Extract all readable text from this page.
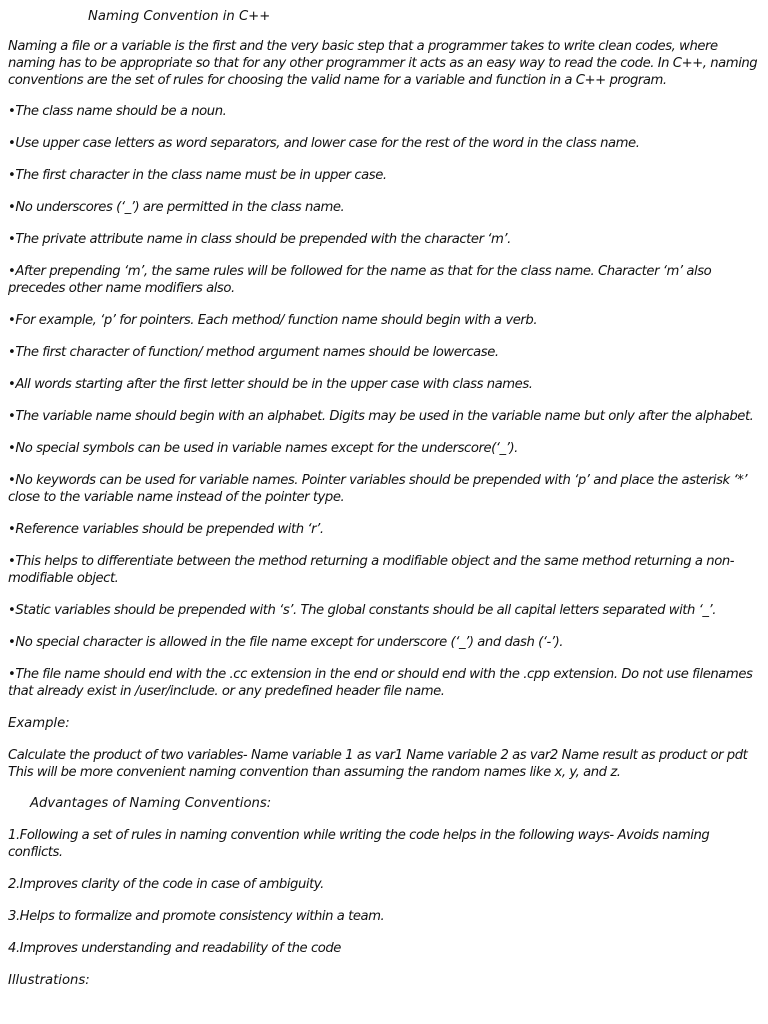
Naming Convention in C++

Naming a file or a variable is the first and the very basic step that a programmer takes to write clean codes, where naming has to be appropriate so that for any other programmer it acts as an easy way to read the code. In C++, naming conventions are the set of rules for choosing the valid name for a variable and function in a C++ program.

• The class name should be a noun.
• Use upper case letters as word separators, and lower case for the rest of the word in the class name.
• The first character in the class name must be in upper case.
• No underscores (‘_’) are permitted in the class name.
• The private attribute name in class should be prepended with the character ‘m’.
• After prepending ‘m’, the same rules will be followed for the name as that for the class name. Character ‘m’ also precedes other name modifiers also.
• For example, ‘p’ for pointers. Each method/ function name should begin with a verb.
• The first character of function/ method argument names should be lowercase.
• All words starting after the first letter should be in the upper case with class names.
• The variable name should begin with an alphabet. Digits may be used in the variable name but only after the alphabet.
• No special symbols can be used in variable names except for the underscore(‘_’).
• No keywords can be used for variable names. Pointer variables should be prepended with ‘p’ and place the asterisk ‘*’ close to the variable name instead of the pointer type.
• Reference variables should be prepended with ‘r’.
• This helps to differentiate between the method returning a modifiable object and the same method returning a non-modifiable object.
• Static variables should be prepended with ‘s’. The global constants should be all capital letters separated with ‘_’.
• No special character is allowed in the file name except for underscore (‘_’) and dash (‘-’).
• The file name should end with the .cc extension in the end or should end with the .cpp extension. Do not use filenames that already exist in /user/include. or any predefined header file name.

Example:

Calculate the product of two variables- Name variable 1 as var1 Name variable 2 as var2 Name result as product or pdt This will be more convenient naming convention than assuming the random names like x, y, and z.

Advantages of Naming Conventions:

1.Following a set of rules in naming convention while writing the code helps in the following ways- Avoids naming conflicts.
2.Improves clarity of the code in case of ambiguity.
3.Helps to formalize and promote consistency within a team.
4.Improves understanding and readability of the code

Illustrations:
